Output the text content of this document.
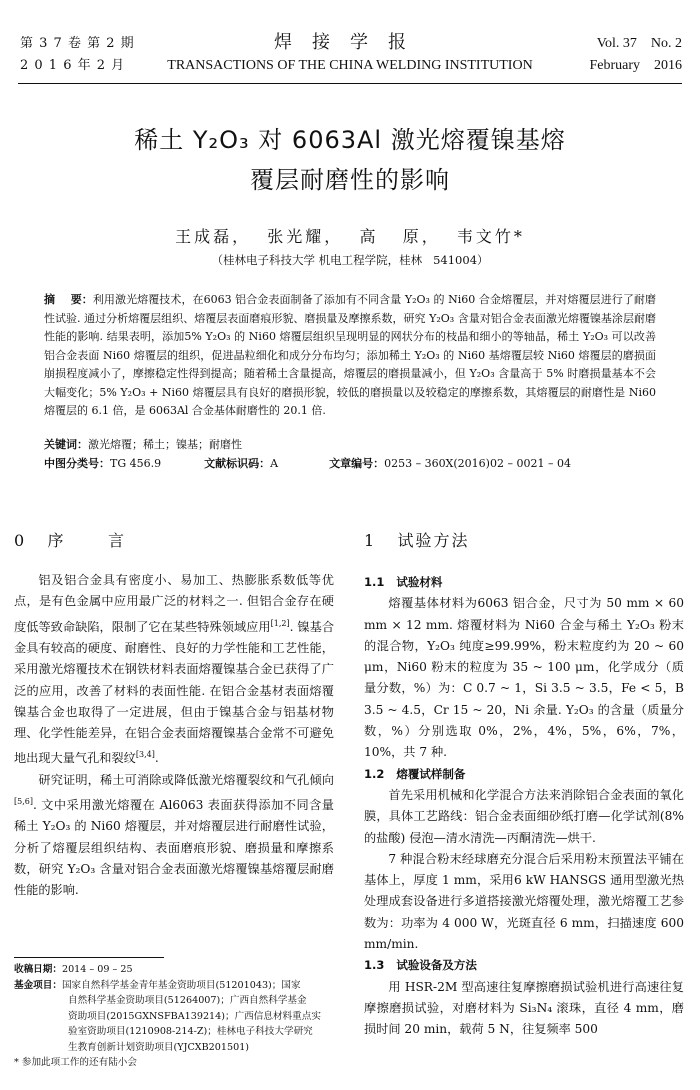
第 3 7 卷 第 2 期
2 0 1 6 年 2 月
焊接学报
TRANSACTIONS OF THE CHINA WELDING INSTITUTION
Vol. 37    No. 2
February    2016
稀土 Y₂O₃ 对 6063Al 激光熔覆镍基熔
覆层耐磨性的影响
王成磊，  张光耀，  高   原，  韦文竹*
（桂林电子科技大学 机电工程学院，桂林   541004）
摘    要：利用激光熔覆技术，在6063 铝合金表面制备了添加有不同含量 Y₂O₃ 的 Ni60 合金熔覆层，并对熔覆层进行了耐磨性试验. 通过分析熔覆层组织、熔覆层表面磨痕形貌、磨损量及摩擦系数，研究 Y₂O₃ 含量对铝合金表面激光熔覆镍基涂层耐磨性能的影响. 结果表明，添加5% Y₂O₃ 的 Ni60 熔覆层组织呈现明显的网状分布的枝晶和细小的等轴晶，稀土 Y₂O₃ 可以改善铝合金表面 Ni60 熔覆层的组织，促进晶粒细化和成分分布均匀；添加稀土 Y₂O₃ 的 Ni60 基熔覆层较 Ni60 熔覆层的磨损面崩损程度减小了，摩擦稳定性得到提高；随着稀土含量提高，熔覆层的磨损量减小，但 Y₂O₃ 含量高于 5% 时磨损量基本不会大幅变化；5% Y₂O₃ + Ni60 熔覆层具有良好的磨损形貌，较低的磨损量以及较稳定的摩擦系数，其熔覆层的耐磨性是 Ni60 熔覆层的 6.1 倍，是 6063Al 合金基体耐磨性的 20.1 倍.
关键词：激光熔覆；稀土；镍基；耐磨性
中图分类号：TG 456.9	文献标识码：A	文章编号：0253 – 360X(2016)02 – 0021 – 04
0   序      言

铝及铝合金具有密度小、易加工、热膨胀系数低等优点，是有色金属中应用最广泛的材料之一. 但铝合金存在硬度低等致命缺陷，限制了它在某些特殊领域应用[1,2]. 镍基合金具有较高的硬度、耐磨性、良好的力学性能和工艺性能，采用激光熔覆技术在钢铁材料表面熔覆镍基合金已获得了广泛的应用，改善了材料的表面性能. 在铝合金基材表面熔覆镍基合金也取得了一定进展，但由于镍基合金与铝基材物理、化学性能差异，在铝合金表面熔覆镍基合金常不可避免地出现大量气孔和裂纹[3,4].

研究证明，稀土可消除或降低激光熔覆裂纹和气孔倾向[5,6]. 文中采用激光熔覆在 Al6063 表面获得添加不同含量稀土 Y₂O₃ 的 Ni60 熔覆层，并对熔覆层进行耐磨性试验，分析了熔覆层组织结构、表面磨痕形貌、磨损量和摩擦系数，研究 Y₂O₃ 含量对铝合金表面激光熔覆镍基熔覆层耐磨性能的影响.

收稿日期：2014 – 09 – 25
基金项目：国家自然科学基金青年基金资助项目(51201043)；国家
自然科学基金资助项目(51264007)；广西自然科学基金
资助项目(2015GXNSFBA139214)；广西信息材料重点实
验室资助项目(1210908-214-Z)；桂林电子科技大学研究
生教育创新计划资助项目(YJCXB201501)
* 参加此项工作的还有陆小会
1   试验方法
1.1   试验材料

熔覆基体材料为6063 铝合金，尺寸为 50 mm × 60 mm × 12 mm. 熔覆材料为 Ni60 合金与稀土 Y₂O₃ 粉末的混合物，Y₂O₃ 纯度≥99.99%，粉末粒度约为 20 ~ 60 μm，Ni60 粉末的粒度为 35 ~ 100 μm，化学成分（质量分数，%）为：C 0.7 ~ 1，Si 3.5 ~ 3.5，Fe < 5，B 3.5 ~ 4.5，Cr 15 ~ 20，Ni 余量. Y₂O₃ 的含量（质量分数，%）分别选取 0%，2%，4%，5%，6%，7%，10%，共 7 种.

1.2   熔覆试样制备

首先采用机械和化学混合方法来消除铝合金表面的氧化膜，具体工艺路线：铝合金表面细砂纸打磨—化学试剂(8% 的盐酸) 侵泡—清水清洗—丙酮清洗—烘干.

7 种混合粉末经球磨充分混合后采用粉末预置法平铺在基体上，厚度 1 mm，采用6 kW HANSGS 通用型激光热处理成套设备进行多道搭接激光熔覆处理，激光熔覆工艺参数为：功率为 4 000 W，光斑直径 6 mm，扫描速度 600 mm/min.

1.3   试验设备及方法

用 HSR-2M 型高速往复摩擦磨损试验机进行高速往复摩擦磨损试验，对磨材料为 Si₃N₄ 滚珠，直径 4 mm，磨损时间 20 min，载荷 5 N，往复频率 500
